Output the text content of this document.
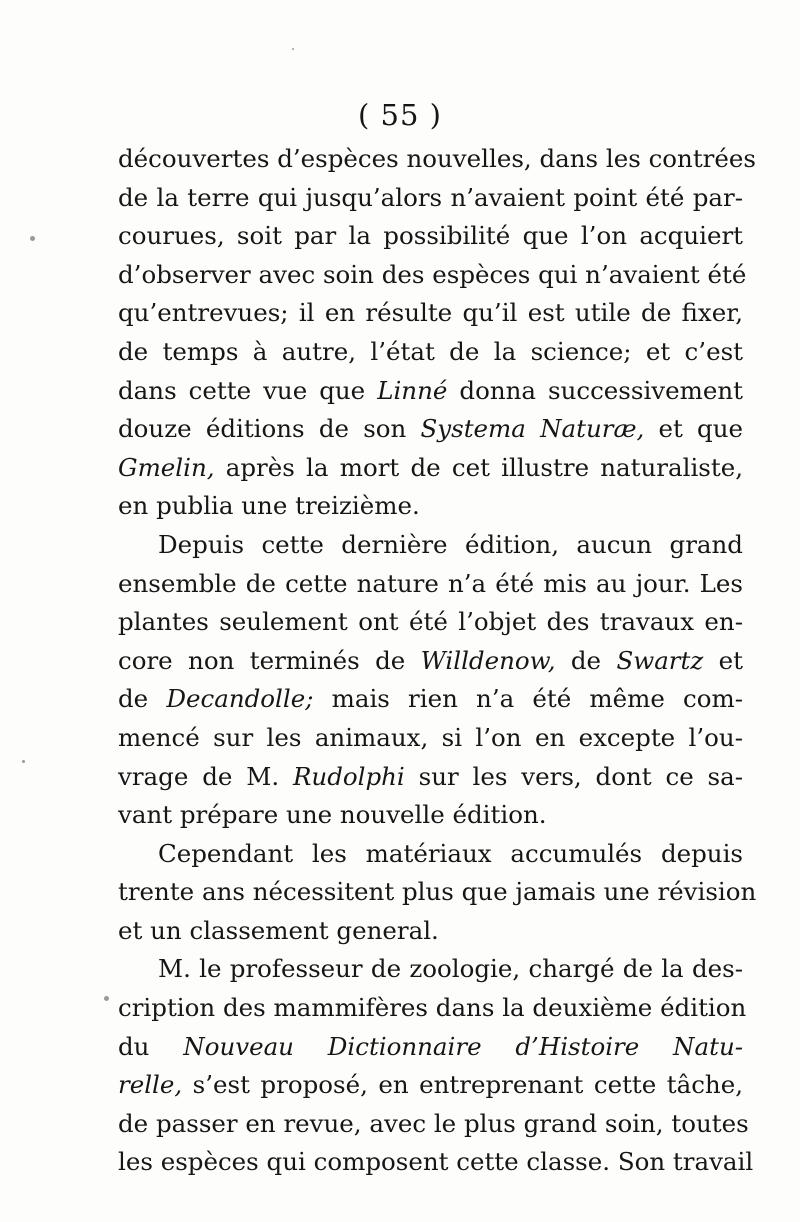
( 55 )
découvertes d’espèces nouvelles, dans les contrées
de la terre qui jusqu’alors n’avaient point été par-
courues, soit par la possibilité que l’on acquiert
d’observer avec soin des espèces qui n’avaient été
qu’entrevues; il en résulte qu’il est utile de fixer,
de temps à autre, l’état de la science; et c’est
dans cette vue que Linné donna successivement
douze éditions de son Systema Naturæ, et que
Gmelin, après la mort de cet illustre naturaliste,
en publia une treizième.
Depuis cette dernière édition, aucun grand
ensemble de cette nature n’a été mis au jour. Les
plantes seulement ont été l’objet des travaux en-
core non terminés de Willdenow, de Swartz et
de Decandolle; mais rien n’a été même com-
mencé sur les animaux, si l’on en excepte l’ou-
vrage de M. Rudolphi sur les vers, dont ce sa-
vant prépare une nouvelle édition.
Cependant les matériaux accumulés depuis
trente ans nécessitent plus que jamais une révision
et un classement general.
M. le professeur de zoologie, chargé de la des-
cription des mammifères dans la deuxième édition
du Nouveau Dictionnaire d’Histoire Natu-
relle, s’est proposé, en entreprenant cette tâche,
de passer en revue, avec le plus grand soin, toutes
les espèces qui composent cette classe. Son travail
